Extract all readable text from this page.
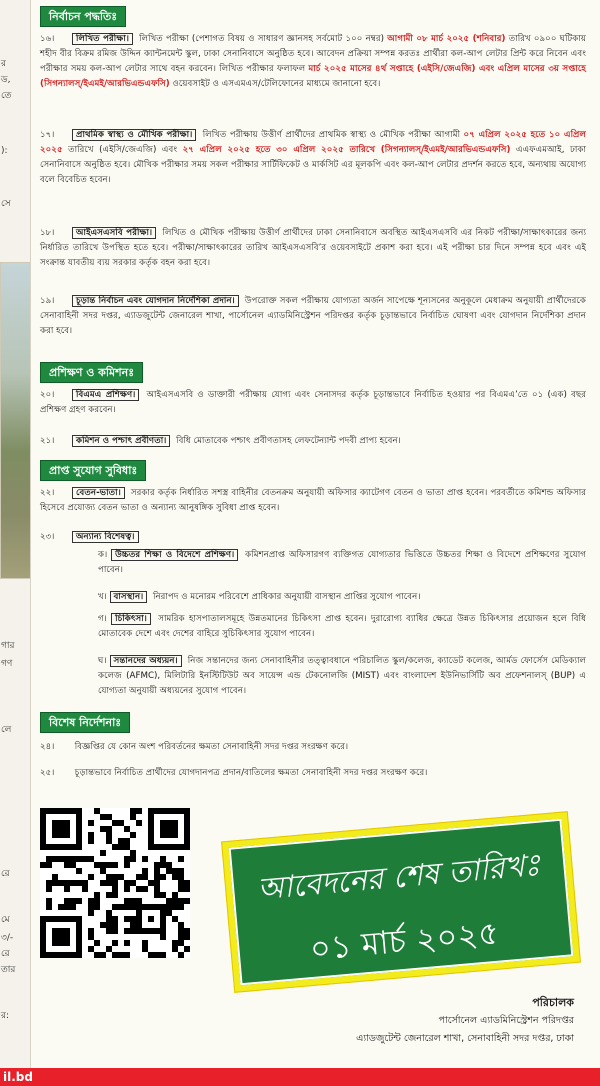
র
ড,
তে
):
সে
গার
গণ
লে
রে
মে
৩/-
রে
তার
র:
নির্বাচন পদ্ধতিঃ
১৬। লিখিত পরীক্ষা। লিখিত পরীক্ষা (পেশাগত বিষয় ও সাধারণ জ্ঞানসহ সর্বমোট ১০০ নম্বর) আগামী ০৮ মার্চ ২০২৫ (শনিবার) তারিখ ০৯০০ ঘটিকায় শহীদ বীর বিক্রম রমিজ উদ্দিন ক্যান্টনমেন্ট স্কুল, ঢাকা সেনানিবাসে অনুষ্ঠিত হবে। আবেদন প্রক্রিয়া সম্পন্ন করতঃ প্রার্থীরা কল-আপ লেটার প্রিন্ট করে নিবেন এবং পরীক্ষার সময় কল-আপ লেটার সাথে বহন করবেন। লিখিত পরীক্ষার ফলাফল মার্চ ২০২৫ মাসের ৪র্থ সপ্তাহে (এইসি/জেএজি) এবং এপ্রিল মাসের ৩য় সপ্তাহে (সিগন্যালস্/ইএমই/আরভিএন্ডএফসি) ওয়েবসাইট ও এসএমএস/টেলিফোনের মাধ্যমে জানানো হবে।
১৭। প্রাথমিক স্বাস্থ্য ও মৌখিক পরীক্ষা। লিখিত পরীক্ষায় উত্তীর্ণ প্রার্থীদের প্রাথমিক স্বাস্থ্য ও মৌখিক পরীক্ষা আগামী ০৭ এপ্রিল ২০২৫ হতে ১০ এপ্রিল ২০২৫ তারিখে (এইসি/জেএজি) এবং ২৭ এপ্রিল ২০২৫ হতে ৩০ এপ্রিল ২০২৫ তারিখে (সিগন্যালস্/ইএমই/আরভিএন্ডএফসি) এএফএমআই, ঢাকা সেনানিবাসে অনুষ্ঠিত হবে। মৌখিক পরীক্ষার সময় সকল পরীক্ষার সার্টিফিকেট ও মার্কসিট এর মূলকপি এবং কল-আপ লেটার প্রদর্শন করতে হবে, অন্যথায় অযোগ্য বলে বিবেচিত হবেন।
১৮। আইএসএসবি পরীক্ষা। লিখিত ও মৌখিক পরীক্ষায় উত্তীর্ণ প্রার্থীদের ঢাকা সেনানিবাসে অবস্থিত আইএসএসবি এর নিকট পরীক্ষা/সাক্ষাৎকারের জন্য নির্ধারিত তারিখে উপস্থিত হতে হবে। পরীক্ষা/সাক্ষাৎকারের তারিখ আইএসএসবি’র ওয়েবসাইটে প্রকাশ করা হবে। এই পরীক্ষা চার দিনে সম্পন্ন হবে এবং এই সংক্রান্ত যাবতীয় ব্যয় সরকার কর্তৃক বহন করা হবে।
১৯। চূড়ান্ত নির্বাচন এবং যোগদান নির্দেশিকা প্রদান। উপরোক্ত সকল পরীক্ষায় যোগ্যতা অর্জন সাপেক্ষে শূন্যসনের অনুকূলে মেধাক্রম অনুযায়ী প্রার্থীদেরকে সেনাবাহিনী সদর দপ্তর, এ্যাডজুটেন্ট জেনারেল শাখা, পার্সোনেল এ্যাডমিনিস্ট্রেশন পরিদপ্তর কর্তৃক চূড়ান্তভাবে নির্বাচিত ঘোষণা এবং যোগদান নির্দেশিকা প্রদান করা হবে।
প্রশিক্ষণ ও কমিশনঃ
২০। বিএমএ প্রশিক্ষণ। আইএসএসবি ও ডাক্তারী পরীক্ষায় যোগ্য এবং সেনাসদর কর্তৃক চূড়ান্তভাবে নির্বাচিত হওয়ার পর বিএমএ’তে ০১ (এক) বছর প্রশিক্ষণ গ্রহণ করবেন।
২১। কমিশন ও পশ্চাৎ প্রবীণতা। বিধি মোতাবেক পশ্চাৎ প্রবীণতাসহ লেফটেন্যান্ট পদবী প্রাপ্য হবেন।
প্রাপ্ত সুযোগ সুবিধাঃ
২২। বেতন-ভাতা। সরকার কর্তৃক নির্ধারিত সশস্ত্র বাহিনীর বেতনক্রম অনুযায়ী অফিসার ক্যাটেগণ বেতন ও ভাতা প্রাপ্ত হবেন। পরবর্তীতে কমিশন্ড অফিসার হিসেবে প্রযোজ্য বেতন ভাতা ও অন্যান্য আনুষঙ্গিক সুবিধা প্রাপ্ত হবেন।
২৩। অন্যান্য বিশেষত্ব।
ক। উচ্চতর শিক্ষা ও বিদেশে প্রশিক্ষণ। কমিশনপ্রাপ্ত অফিসারগণ ব্যক্তিগত যোগ্যতার ভিত্তিতে উচ্চতর শিক্ষা ও বিদেশে প্রশিক্ষণের সুযোগ পাবেন।
খ। বাসস্থান। নিরাপদ ও মনোরম পরিবেশে প্রাধিকার অনুযায়ী বাসস্থান প্রাপ্তির সুযোগ পাবেন।
গ। চিকিৎসা। সামরিক হাসপাতালসমূহে উন্নতমানের চিকিৎসা প্রাপ্ত হবেন। দুরারোগ্য ব্যাধির ক্ষেত্রে উন্নত চিকিৎসার প্রয়োজন হলে বিধি মোতাবেক দেশে এবং দেশের বাহিরে সুচিকিৎসার সুযোগ পাবেন।
ঘ। সন্তানদের অধ্যয়ন। নিজ সন্তানদের জন্য সেনাবাহিনীর তত্ত্বাবধানে পরিচালিত স্কুল/কলেজ, ক্যাডেট কলেজ, আর্মড ফোর্সেস মেডিক্যাল কলেজ (AFMC), মিলিটারি ইনস্টিটিউট অব সায়েন্স এন্ড টেকনোলজি (MIST) এবং বাংলাদেশ ইউনিভার্সিটি অব প্রফেশনালস্ (BUP) এ যোগ্যতা অনুযায়ী অধ্যয়নের সুযোগ পাবেন।
বিশেষ নির্দেশনাঃ
২৪। বিজ্ঞপ্তির যে কোন অংশ পরিবর্তনের ক্ষমতা সেনাবাহিনী সদর দপ্তর সংরক্ষণ করে।
২৫। চূড়ান্তভাবে নির্বাচিত প্রার্থীদের যোগদানপত্র প্রদান/বাতিলের ক্ষমতা সেনাবাহিনী সদর দপ্তর সংরক্ষণ করে।
আবেদনের শেষ তারিখঃ
০১ মার্চ ২০২৫
পরিচালক
পার্সোনেল এ্যাডমিনিস্ট্রেশন পরিদপ্তর
এ্যাডজুটেন্ট জেনারেল শাখা, সেনাবাহিনী সদর দপ্তর, ঢাকা
il.bd
